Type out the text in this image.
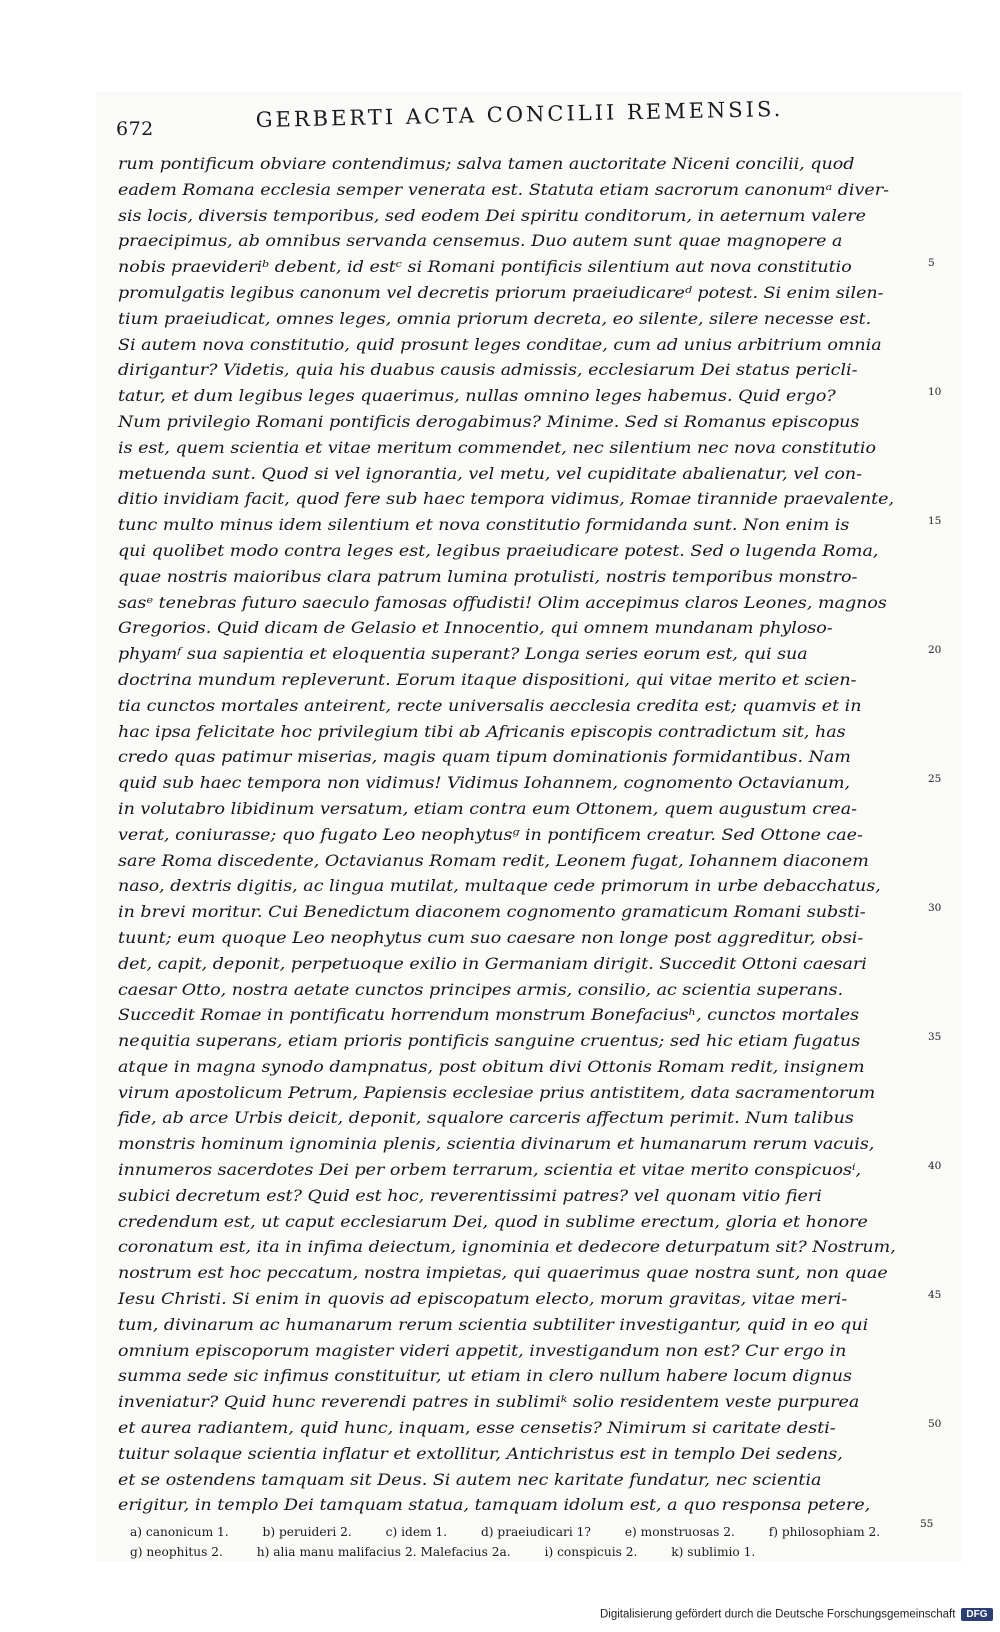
672	GERBERTI ACTA CONCILII REMENSIS.
rum pontificum obviare contendimus; salva tamen auctoritate Niceni concilii, quod
eadem Romana ecclesia semper venerata est. Statuta etiam sacrorum canonumᵃ diver-
sis locis, diversis temporibus, sed eodem Dei spiritu conditorum, in aeternum valere
praecipimus, ab omnibus servanda censemus. Duo autem sunt quae magnopere a
nobis praevideriᵇ debent, id estᶜ si Romani pontificis silentium aut nova constitutio	5
promulgatis legibus canonum vel decretis priorum praeiudicareᵈ potest. Si enim silen-
tium praeiudicat, omnes leges, omnia priorum decreta, eo silente, silere necesse est.
Si autem nova constitutio, quid prosunt leges conditae, cum ad unius arbitrium omnia
dirigantur? Videtis, quia his duabus causis admissis, ecclesiarum Dei status pericli-
tatur, et dum legibus leges quaerimus, nullas omnino leges habemus. Quid ergo?	10
Num privilegio Romani pontificis derogabimus? Minime. Sed si Romanus episcopus
is est, quem scientia et vitae meritum commendet, nec silentium nec nova constitutio
metuenda sunt. Quod si vel ignorantia, vel metu, vel cupiditate abalienatur, vel con-
ditio invidiam facit, quod fere sub haec tempora vidimus, Romae tirannide praevalente,
tunc multo minus idem silentium et nova constitutio formidanda sunt. Non enim is	15
qui quolibet modo contra leges est, legibus praeiudicare potest. Sed o lugenda Roma,
quae nostris maioribus clara patrum lumina protulisti, nostris temporibus monstro-
sasᵉ tenebras futuro saeculo famosas offudisti! Olim accepimus claros Leones, magnos
Gregorios. Quid dicam de Gelasio et Innocentio, qui omnem mundanam phyloso-
phyamᶠ sua sapientia et eloquentia superant? Longa series eorum est, qui sua	20
doctrina mundum repleverunt. Eorum itaque dispositioni, qui vitae merito et scien-
tia cunctos mortales anteirent, recte universalis aecclesia credita est; quamvis et in
hac ipsa felicitate hoc privilegium tibi ab Africanis episcopis contradictum sit, has
credo quas patimur miserias, magis quam tipum dominationis formidantibus. Nam
quid sub haec tempora non vidimus! Vidimus Iohannem, cognomento Octavianum,	25
in volutabro libidinum versatum, etiam contra eum Ottonem, quem augustum crea-
verat, coniurasse; quo fugato Leo neophytusᵍ in pontificem creatur. Sed Ottone cae-
sare Roma discedente, Octavianus Romam redit, Leonem fugat, Iohannem diaconem
naso, dextris digitis, ac lingua mutilat, multaque cede primorum in urbe debacchatus,
in brevi moritur. Cui Benedictum diaconem cognomento gramaticum Romani substi-	30
tuunt; eum quoque Leo neophytus cum suo caesare non longe post aggreditur, obsi-
det, capit, deponit, perpetuoque exilio in Germaniam dirigit. Succedit Ottoni caesari
caesar Otto, nostra aetate cunctos principes armis, consilio, ac scientia superans.
Succedit Romae in pontificatu horrendum monstrum Bonefaciusʰ, cunctos mortales
nequitia superans, etiam prioris pontificis sanguine cruentus; sed hic etiam fugatus	35
atque in magna synodo dampnatus, post obitum divi Ottonis Romam redit, insignem
virum apostolicum Petrum, Papiensis ecclesiae prius antistitem, data sacramentorum
fide, ab arce Urbis deicit, deponit, squalore carceris affectum perimit. Num talibus
monstris hominum ignominia plenis, scientia divinarum et humanarum rerum vacuis,
innumeros sacerdotes Dei per orbem terrarum, scientia et vitae merito conspicuosⁱ,	40
subici decretum est? Quid est hoc, reverentissimi patres? vel quonam vitio fieri
credendum est, ut caput ecclesiarum Dei, quod in sublime erectum, gloria et honore
coronatum est, ita in infima deiectum, ignominia et dedecore deturpatum sit? Nostrum,
nostrum est hoc peccatum, nostra impietas, qui quaerimus quae nostra sunt, non quae
Iesu Christi. Si enim in quovis ad episcopatum electo, morum gravitas, vitae meri-	45
tum, divinarum ac humanarum rerum scientia subtiliter investigantur, quid in eo qui
omnium episcoporum magister videri appetit, investigandum non est? Cur ergo in
summa sede sic infimus constituitur, ut etiam in clero nullum habere locum dignus
inveniatur? Quid hunc reverendi patres in sublimiᵏ solio residentem veste purpurea
et aurea radiantem, quid hunc, inquam, esse censetis? Nimirum si caritate desti-	50
tuitur solaque scientia inflatur et extollitur, Antichristus est in templo Dei sedens,
et se ostendens tamquam sit Deus. Si autem nec karitate fundatur, nec scientia
erigitur, in templo Dei tamquam statua, tamquam idolum est, a quo responsa petere,
a) canonicum 1.	b) peruideri 2.	c) idem 1.	d) praeiudicari 1?	e) monstruosas 2.	f) philosophiam 2.
55
g) neophitus 2.	h) alia manu malifacius 2. Malefacius 2a.	i) conspicuis 2.	k) sublimio 1.
Digitalisierung gefördert durch die Deutsche Forschungsgemeinschaft DFG
